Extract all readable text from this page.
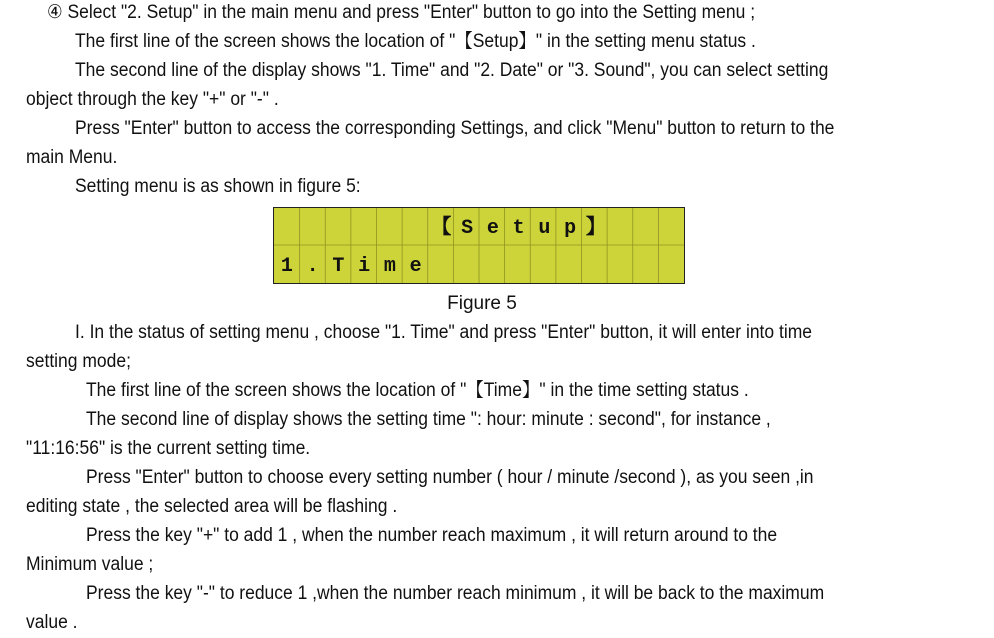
④ Select "2. Setup" in the main menu and press "Enter" button to go into the Setting menu ;
The first line of the screen shows the location of "【Setup】" in the setting menu status .
The second line of the display shows "1. Time" and "2. Date" or "3. Sound", you can select setting
object through the key "+" or "-" .
Press "Enter" button to access the corresponding Settings, and click "Menu" button to return to the
main Menu.
Setting menu is as shown in figure 5:
【 S e t u p 】
1 . T i m e
Figure 5
I. In the status of setting menu , choose "1. Time" and press "Enter" button, it will enter into time
setting mode;
The first line of the screen shows the location of "【Time】" in the time setting status .
The second line of display shows the setting time ": hour: minute : second", for instance ,
"11:16:56" is the current setting time.
Press "Enter" button to choose every setting number ( hour / minute /second ), as you seen ,in
editing state , the selected area will be flashing .
Press the key "+" to add 1 , when the number reach maximum , it will return around to the
Minimum value ;
Press the key "-" to reduce 1 ,when the number reach minimum , it will be back to the maximum
value .
